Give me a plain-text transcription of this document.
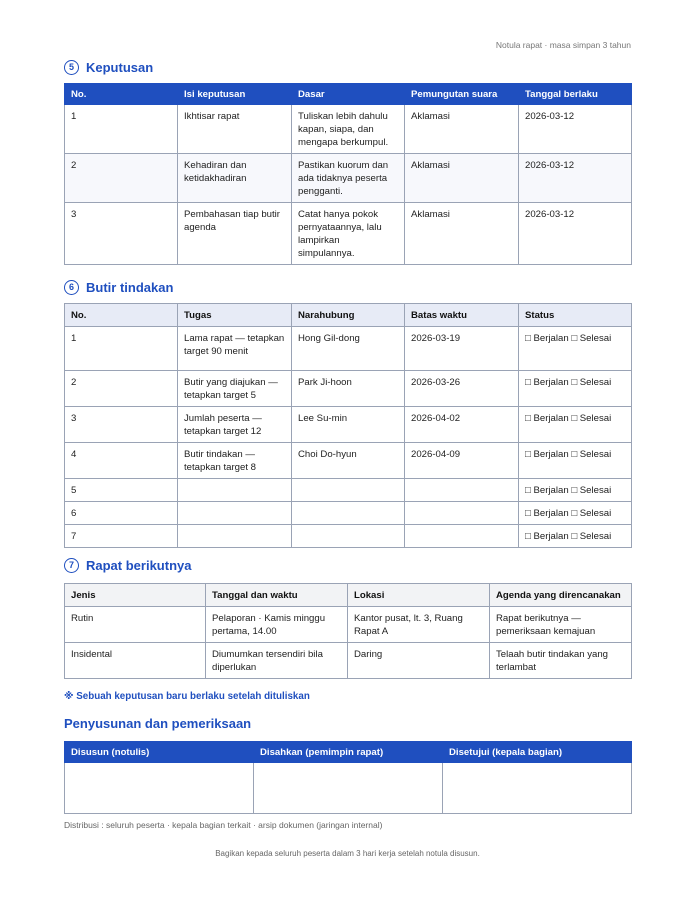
Notula rapat · masa simpan 3 tahun
5 Keputusan
No.	Isi keputusan	Dasar	Pemungutan suara	Tanggal berlaku
1	Ikhtisar rapat	Tuliskan lebih dahulu kapan, siapa, dan mengapa berkumpul.	Aklamasi	2026-03-12
2	Kehadiran dan ketidakhadiran	Pastikan kuorum dan ada tidaknya peserta pengganti.	Aklamasi	2026-03-12
3	Pembahasan tiap butir agenda	Catat hanya pokok pernyataannya, lalu lampirkan simpulannya.	Aklamasi	2026-03-12
6 Butir tindakan
No.	Tugas	Narahubung	Batas waktu	Status
1	Lama rapat — tetapkan target 90 menit	Hong Gil-dong	2026-03-19	□ Berjalan □ Selesai
2	Butir yang diajukan — tetapkan target 5	Park Ji-hoon	2026-03-26	□ Berjalan □ Selesai
3	Jumlah peserta — tetapkan target 12	Lee Su-min	2026-04-02	□ Berjalan □ Selesai
4	Butir tindakan — tetapkan target 8	Choi Do-hyun	2026-04-09	□ Berjalan □ Selesai
5				□ Berjalan □ Selesai
6				□ Berjalan □ Selesai
7				□ Berjalan □ Selesai
7 Rapat berikutnya
Jenis	Tanggal dan waktu	Lokasi	Agenda yang direncanakan
Rutin	Pelaporan · Kamis minggu pertama, 14.00	Kantor pusat, lt. 3, Ruang Rapat A	Rapat berikutnya — pemeriksaan kemajuan
Insidental	Diumumkan tersendiri bila diperlukan	Daring	Telaah butir tindakan yang terlambat
※ Sebuah keputusan baru berlaku setelah dituliskan
Penyusunan dan pemeriksaan
Disusun (notulis)	Disahkan (pemimpin rapat)	Disetujui (kepala bagian)

Distribusi : seluruh peserta · kepala bagian terkait · arsip dokumen (jaringan internal)
Bagikan kepada seluruh peserta dalam 3 hari kerja setelah notula disusun.
